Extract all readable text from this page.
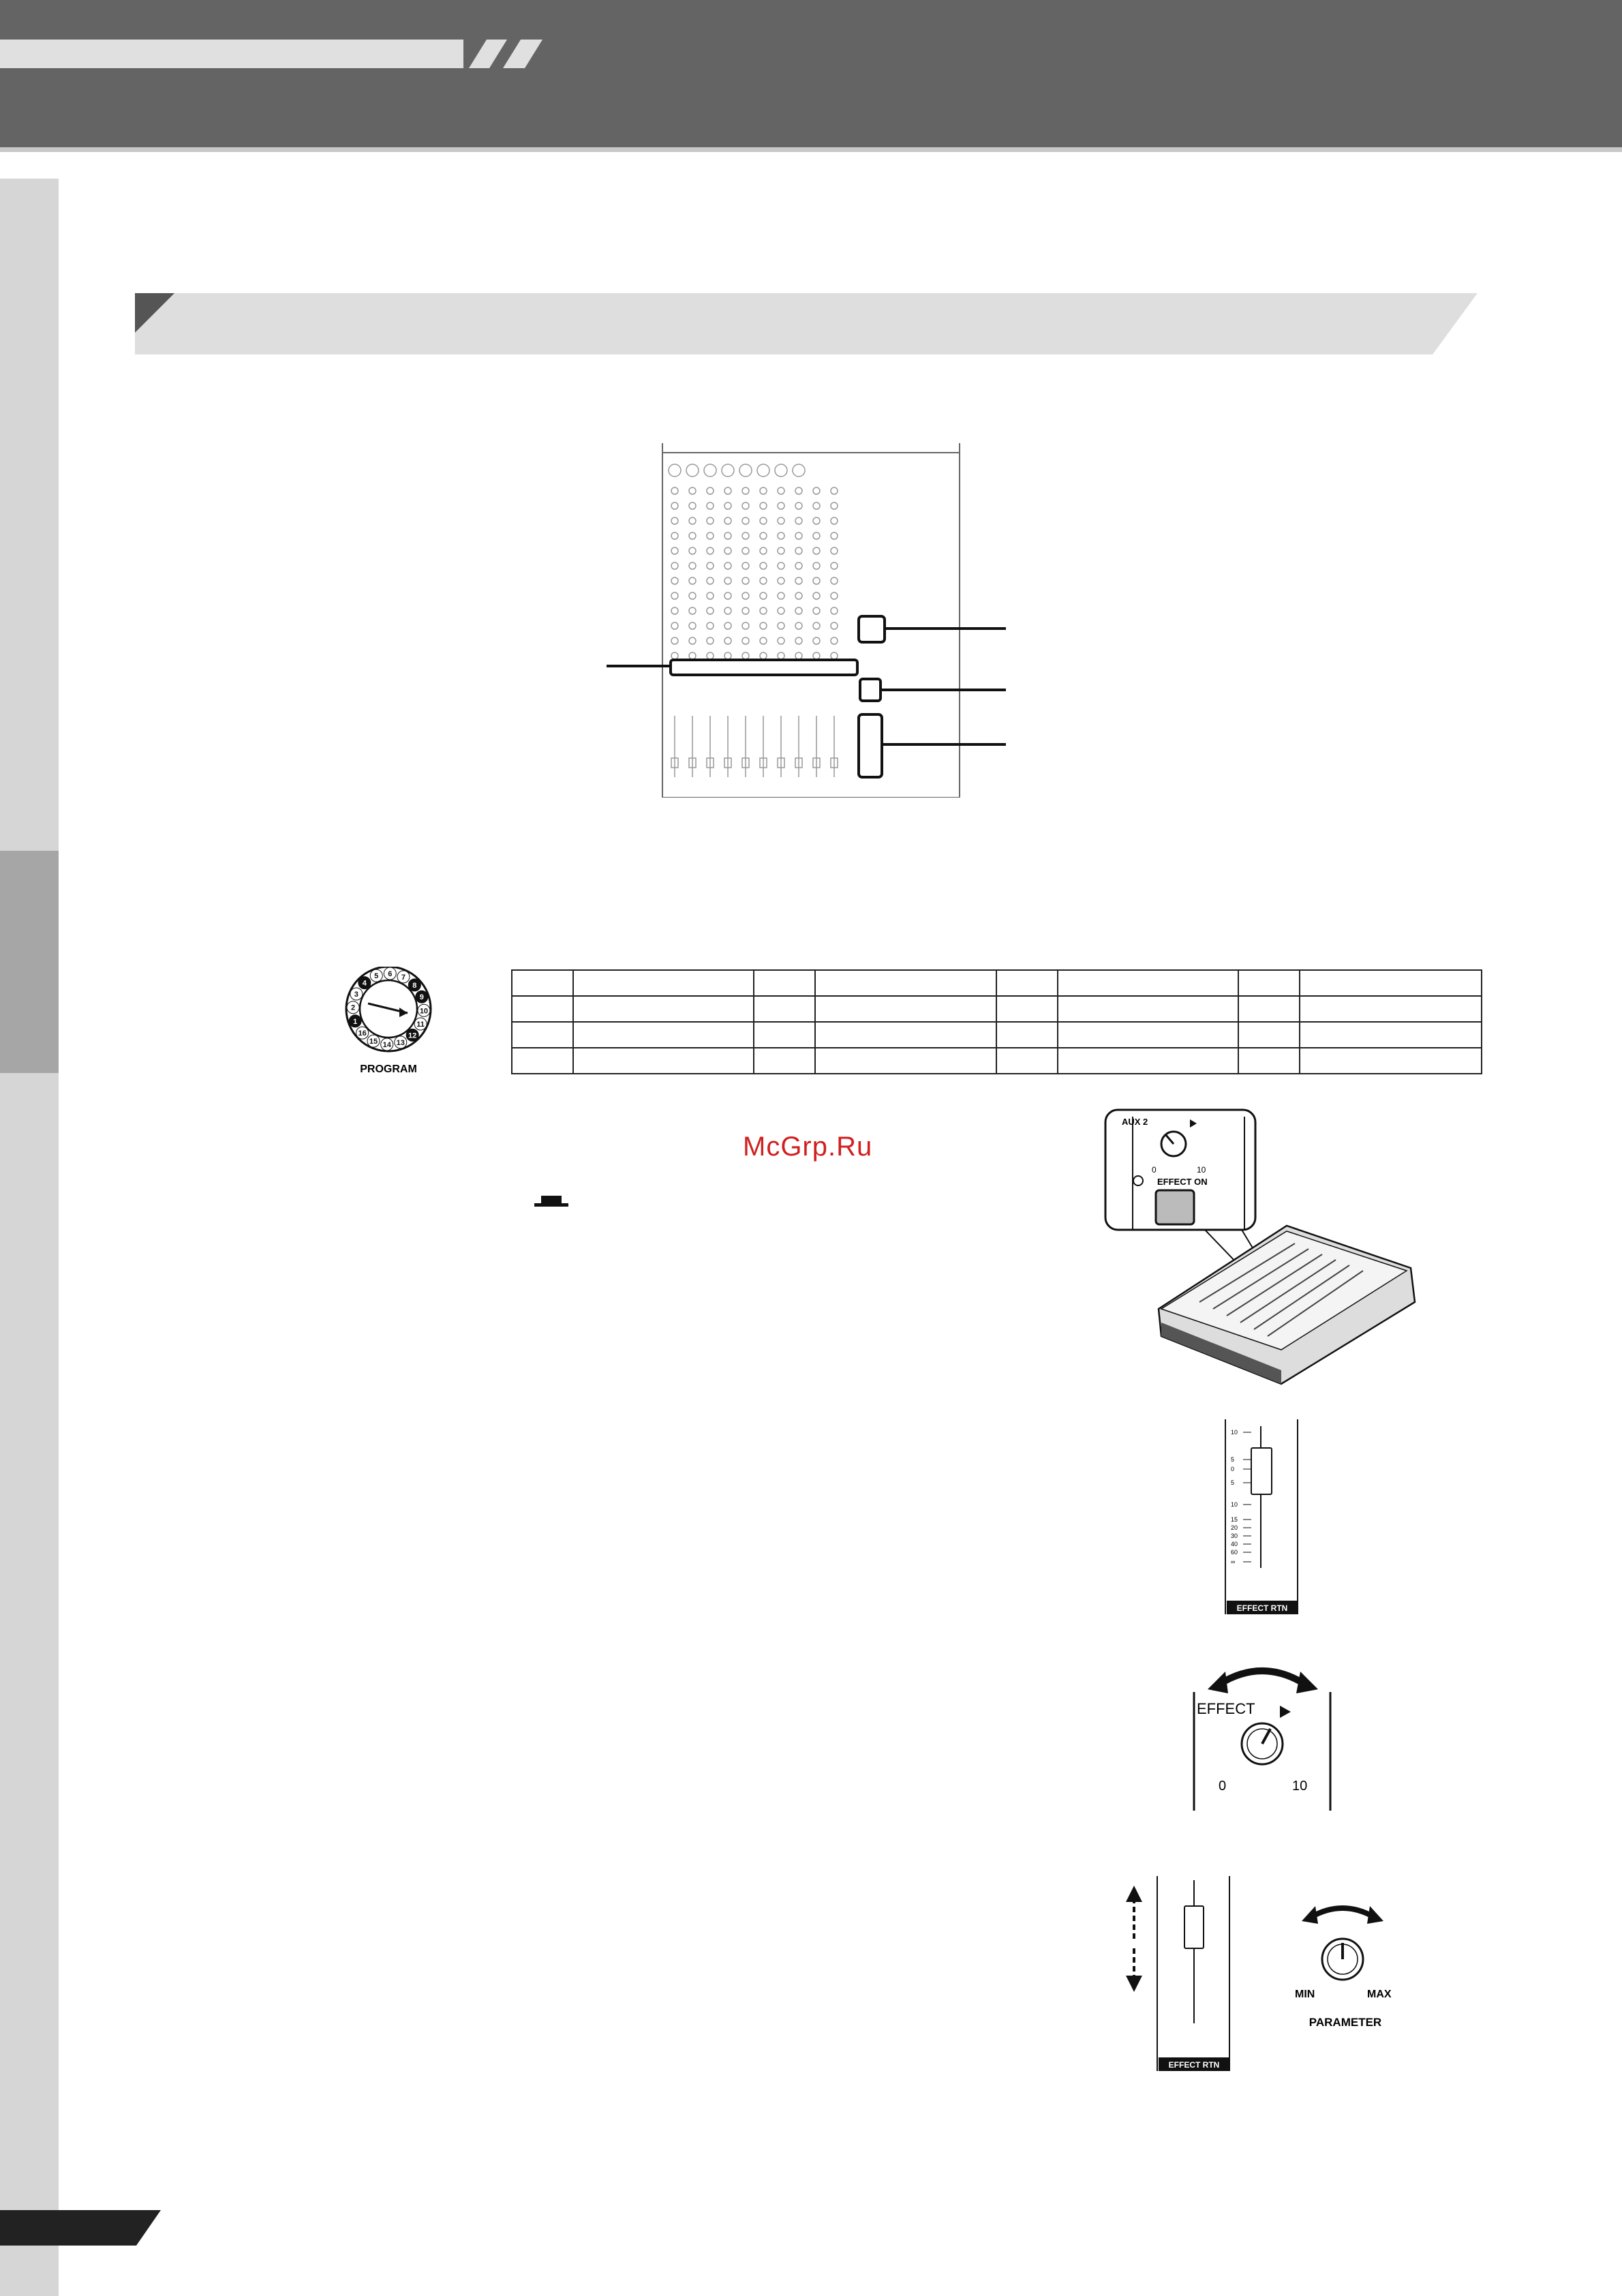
1
2
3
4
5 6 7
8
9
10
11
12
13
14
15
16
PROGRAM

McGrp.Ru
AUX 2
0	10
EFFECT ON
10
5
0
5
10
15
20
30
40
60
∞
EFFECT RTN
EFFECT
0	10
EFFECT RTN
MIN	MAX
PARAMETER
